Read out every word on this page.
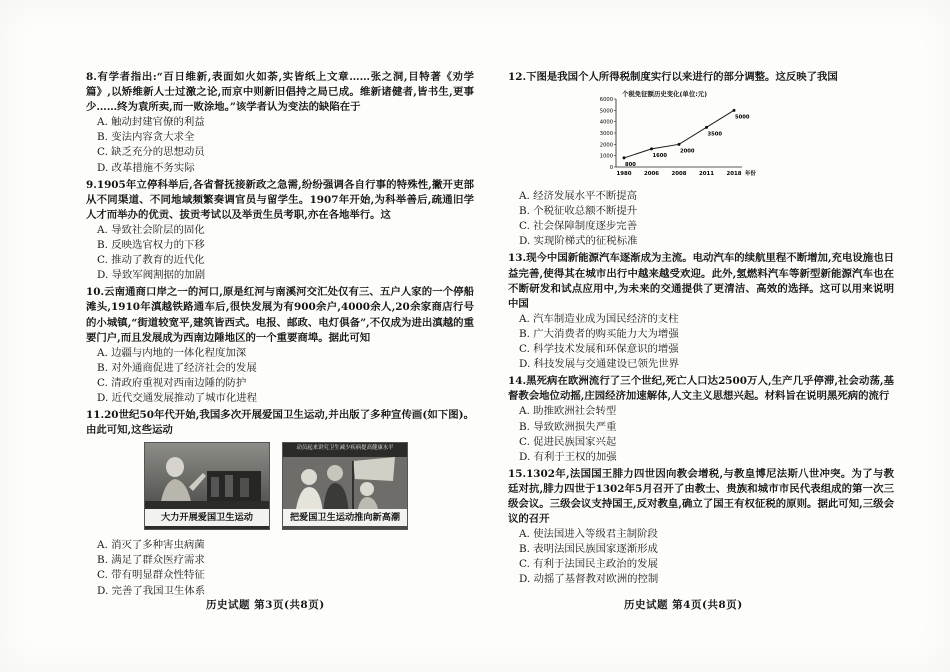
8.有学者指出:“百日维新,表面如火如荼,实皆纸上文章……张之洞,目特著《劝学篇》,以矫维新人士过激之论,而京中则新旧倡持之局已成。维新诸健者,皆书生,更事少……终为袁所卖,而一败涂地。”该学者认为变法的缺陷在于

A. 触动封建官僚的利益

B. 变法内容贪大求全

C. 缺乏充分的思想动员

D. 改革措施不务实际

9.1905年立停科举后,各省督抚接新政之急需,纷纷强调各自行事的特殊性,撇开吏部从不同渠道、不同地域频繁奏调官员与留学生。1907年开始,为科举善后,疏通旧学人才而举办的优贡、拔贡考试以及举贡生员考职,亦在各地举行。这

A. 导致社会阶层的固化

B. 反映选官权力的下移

C. 推动了教育的近代化

D. 导致军阀割据的加剧

10.云南通商口岸之一的河口,原是红河与南溪河交汇处仅有三、五户人家的一个停船滩头,1910年滇越铁路通车后,很快发展为有900余户,4000余人,20余家商店行号的小城镇,“街道较宽平,建筑皆西式。电报、邮政、电灯俱备”,不仅成为进出滇越的重要门户,而且发展成为西南边陲地区的一个重要商埠。据此可知

A. 边疆与内地的一体化程度加深

B. 对外通商促进了经济社会的发展

C. 清政府重视对西南边陲的防护

D. 近代交通发展推动了城市化进程

11.20世纪50年代开始,我国多次开展爱国卫生运动,并出版了多种宣传画(如下图)。由此可知,这些运动

大力开展爱国卫生运动
动员起来讲究卫生减少疾病提高健康水平
把爱国卫生运动推向新高潮

A. 消灭了多种害虫病菌

B. 满足了群众医疗需求

C. 带有明显群众性特征

D. 完善了我国卫生体系

12.下图是我国个人所得税制度实行以来进行的部分调整。这反映了我国

个税免征额历史变化(单位:元)
0
1000
2000
3000
4000
5000
6000
1980 2006 2008 2011 2018 年份
800
1600
2000
3500
5000

A. 经济发展水平不断提高

B. 个税征收总额不断提升

C. 社会保障制度逐步完善

D. 实现阶梯式的征税标准

13.现今中国新能源汽车逐渐成为主流。电动汽车的续航里程不断增加,充电设施也日益完善,使得其在城市出行中越来越受欢迎。此外,氢燃料汽车等新型新能源汽车也在不断研发和试点应用中,为未来的交通提供了更清洁、高效的选择。这可以用来说明中国

A. 汽车制造业成为国民经济的支柱

B. 广大消费者的购买能力大为增强

C. 科学技术发展和环保意识的增强

D. 科技发展与交通建设已领先世界

14.黑死病在欧洲流行了三个世纪,死亡人口达2500万人,生产几乎停滞,社会动荡,基督教会地位动摇,庄园经济加速解体,人文主义思想兴起。材料旨在说明黑死病的流行

A. 助推欧洲社会转型

B. 导致欧洲损失严重

C. 促进民族国家兴起

D. 有利于王权的加强

15.1302年,法国国王腓力四世因向教会增税,与教皇博尼法斯八世冲突。为了与教廷对抗,腓力四世于1302年5月召开了由教士、贵族和城市市民代表组成的第一次三级会议。三级会议支持国王,反对教皇,确立了国王有权征税的原则。据此可知,三级会议的召开

A. 使法国进入等级君主制阶段

B. 表明法国民族国家逐渐形成

C. 有利于法国民主政治的发展

D. 动摇了基督教对欧洲的控制

历史试题 第3页(共8页)	历史试题 第4页(共8页)
